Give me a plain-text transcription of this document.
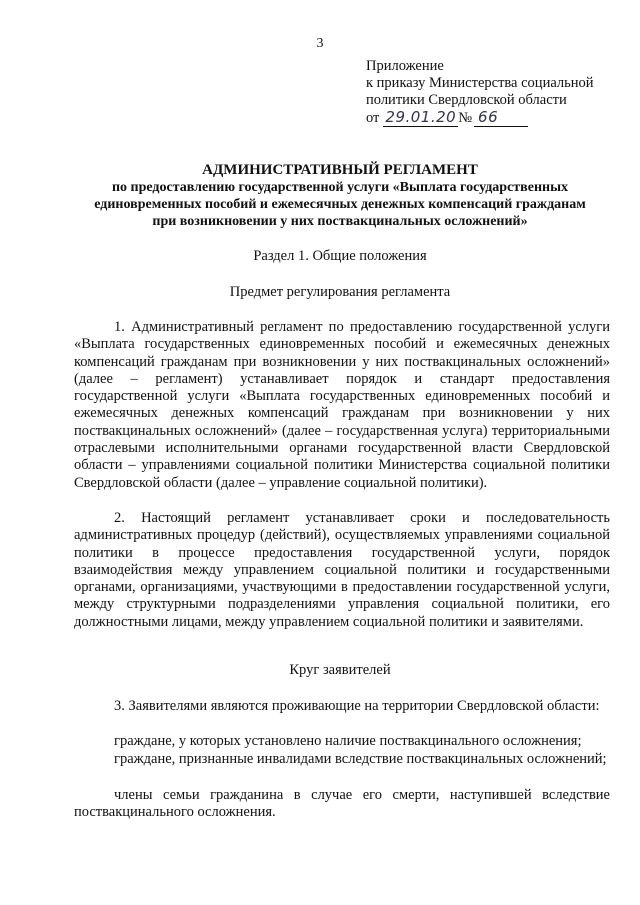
3
Приложение
к приказу Министерства социальной
политики Свердловской области
от 29.01.20 № 66
АДМИНИСТРАТИВНЫЙ РЕГЛАМЕНТ
по предоставлению государственной услуги «Выплата государственных
единовременных пособий и ежемесячных денежных компенсаций гражданам
при возникновении у них поствакцинальных осложнений»
Раздел 1. Общие положения
Предмет регулирования регламента

1. Административный регламент по предоставлению государственной услуги «Выплата государственных единовременных пособий и ежемесячных денежных компенсаций гражданам при возникновении у них поствакцинальных осложнений» (далее – регламент) устанавливает порядок и стандарт предоставления государственной услуги «Выплата государственных единовременных пособий и ежемесячных денежных компенсаций гражданам при возникновении у них поствакцинальных осложнений» (далее – государственная услуга) территориальными отраслевыми исполнительными органами государственной власти Свердловской области – управлениями социальной политики Министерства социальной политики Свердловской области (далее – управление социальной политики).

2. Настоящий регламент устанавливает сроки и последовательность административных процедур (действий), осуществляемых управлениями социальной политики в процессе предоставления государственной услуги, порядок взаимодействия между управлением социальной политики и государственными органами, организациями, участвующими в предоставлении государственной услуги, между структурными подразделениями управления социальной политики, его должностными лицами, между управлением социальной политики и заявителями.

Круг заявителей

3. Заявителями являются проживающие на территории Свердловской области:

граждане, у которых установлено наличие поствакцинального осложнения;

граждане, признанные инвалидами вследствие поствакцинальных осложнений;

члены семьи гражданина в случае его смерти, наступившей вследствие поствакцинального осложнения.
